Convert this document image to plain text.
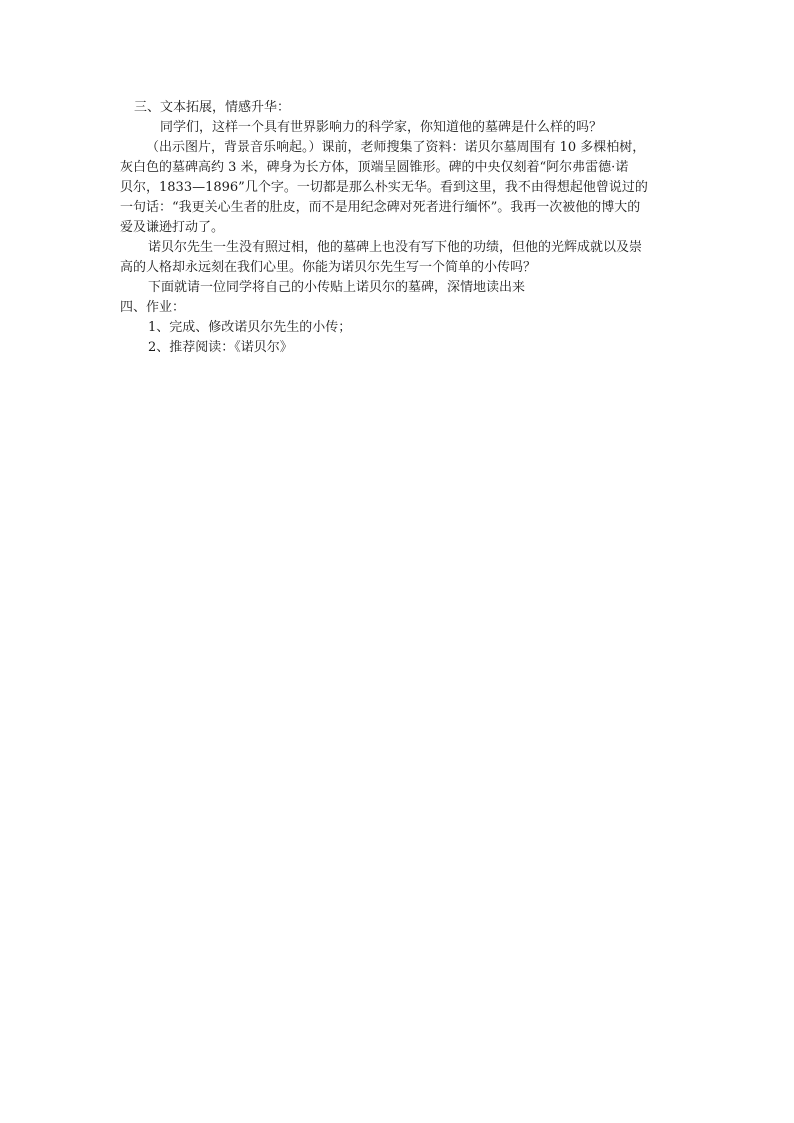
三、文本拓展，情感升华：
同学们，这样一个具有世界影响力的科学家，你知道他的墓碑是什么样的吗？
（出示图片，背景音乐响起。）课前，老师搜集了资料：诺贝尔墓周围有 10 多棵柏树，
灰白色的墓碑高约 3 米，碑身为长方体，顶端呈圆锥形。碑的中央仅刻着“阿尔弗雷德·诺
贝尔，1833—1896”几个字。一切都是那么朴实无华。看到这里，我不由得想起他曾说过的
一句话：“我更关心生者的肚皮，而不是用纪念碑对死者进行缅怀”。我再一次被他的博大的
爱及谦逊打动了。
诺贝尔先生一生没有照过相，他的墓碑上也没有写下他的功绩，但他的光辉成就以及崇
高的人格却永远刻在我们心里。你能为诺贝尔先生写一个简单的小传吗？
下面就请一位同学将自己的小传贴上诺贝尔的墓碑，深情地读出来
四、作业：
1、完成、修改诺贝尔先生的小传；
2、推荐阅读：《诺贝尔》
